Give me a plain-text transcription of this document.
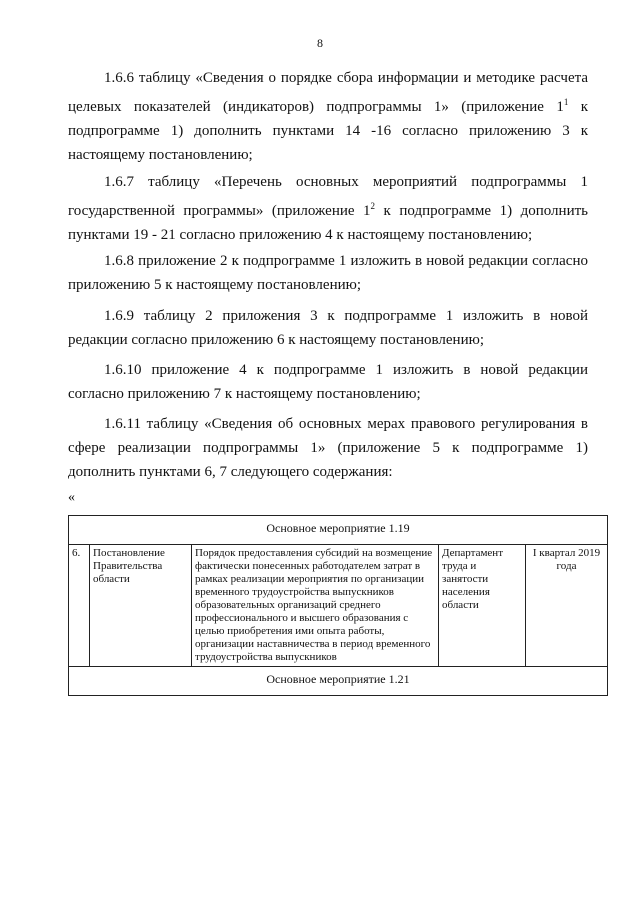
8

1.6.6 таблицу «Сведения о порядке сбора информации и методике расчета целевых показателей (индикаторов) подпрограммы 1» (приложение $1^1$ к подпрограмме 1) дополнить пунктами 14 -16 согласно приложению 3 к настоящему постановлению;

1.6.7 таблицу «Перечень основных мероприятий подпрограммы 1 государственной программы» (приложение $1^2$ к подпрограмме 1) дополнить пунктами 19 - 21 согласно приложению 4 к настоящему постановлению;

1.6.8 приложение 2 к подпрограмме 1 изложить в новой редакции согласно приложению 5 к настоящему постановлению;

1.6.9 таблицу 2 приложения 3 к подпрограмме 1 изложить в новой редакции согласно приложению 6 к настоящему постановлению;

1.6.10 приложение 4 к подпрограмме 1 изложить в новой редакции согласно приложению 7 к настоящему постановлению;

1.6.11 таблицу «Сведения об основных мерах правового регулирования в сфере реализации подпрограммы 1» (приложение 5 к подпрограмме 1) дополнить пунктами 6, 7 следующего содержания:

«
Основное мероприятие 1.19
6.	Постановление Правительства области	Порядок предоставления субсидий на возмещение фактически понесенных работодателем затрат в рамках реализации мероприятия по организации временного трудоустройства выпускников образовательных организаций среднего профессионального и высшего образования с целью приобретения ими опыта работы, организации наставничества в период временного трудоустройства выпускников	Департамент труда и занятости населения области	I квартал 2019 года
Основное мероприятие 1.21
